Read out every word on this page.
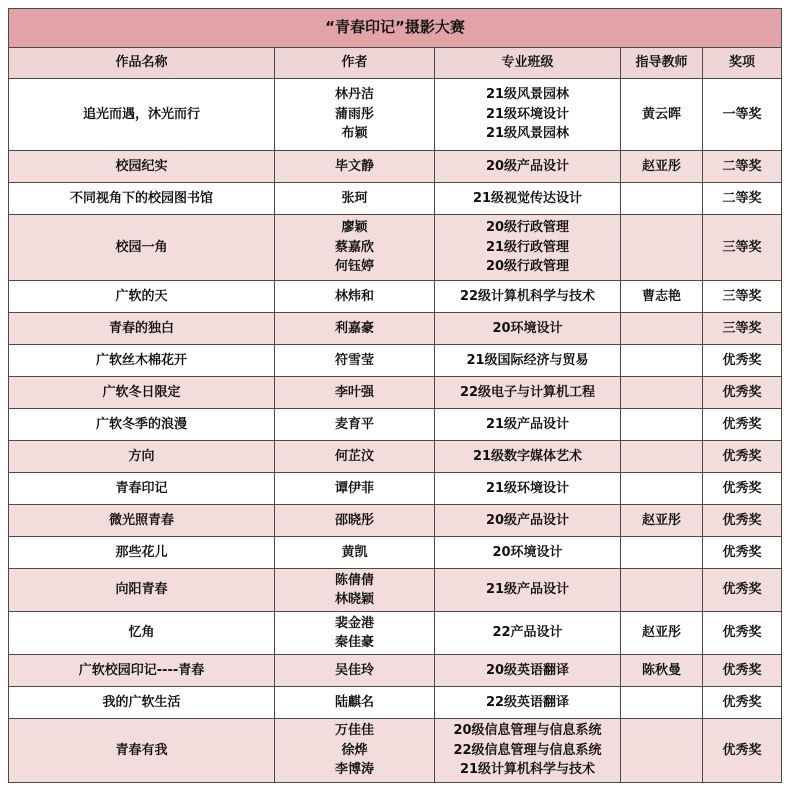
“青春印记”摄影大赛				
作品名称	作者	专业班级	指导教师	奖项
追光而遇，沐光而行	林丹洁
蒲雨彤
布颖	21级风景园林
21级环境设计
21级风景园林	黄云晖	一等奖
校园纪实	毕文静	20级产品设计	赵亚彤	二等奖
不同视角下的校园图书馆	张珂	21级视觉传达设计		二等奖
校园一角	廖颖
蔡嘉欣
何钰婷	20级行政管理
21级行政管理
20级行政管理		三等奖
广软的天	林炜和	22级计算机科学与技术	曹志艳	三等奖
青春的独白	利嘉豪	20环境设计		三等奖
广软丝木棉花开	符雪莹	21级国际经济与贸易		优秀奖
广软冬日限定	李叶强	22级电子与计算机工程		优秀奖
广软冬季的浪漫	麦育平	21级产品设计		优秀奖
方向	何芷汶	21级数字媒体艺术		优秀奖
青春印记	谭伊菲	21级环境设计		优秀奖
微光照青春	邵晓彤	20级产品设计	赵亚彤	优秀奖
那些花儿	黄凯	20环境设计		优秀奖
向阳青春	陈倩倩
林晓颖	21级产品设计		优秀奖
忆角	裴金港
秦佳豪	22产品设计	赵亚彤	优秀奖
广软校园印记----青春	吴佳玲	20级英语翻译	陈秋曼	优秀奖
我的广软生活	陆麒名	22级英语翻译		优秀奖
青春有我	万佳佳
徐烨
李博涛	20级信息管理与信息系统
22级信息管理与信息系统
21级计算机科学与技术		优秀奖
